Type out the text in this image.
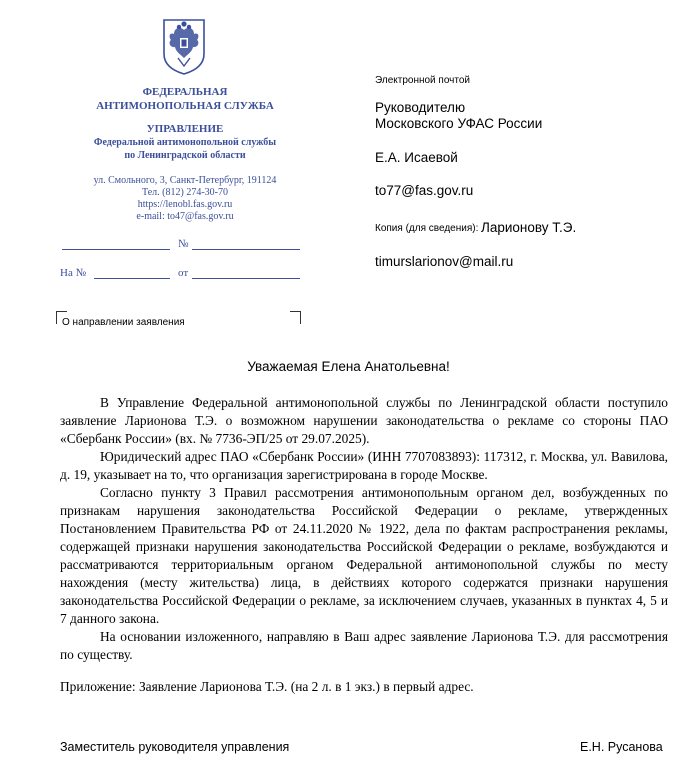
ФЕДЕРАЛЬНАЯ
АНТИМОНОПОЛЬНАЯ СЛУЖБА
УПРАВЛЕНИЕ
Федеральной антимонопольной службы
по Ленинградской области
ул. Смольного, 3, Санкт-Петербург, 191124
Тел. (812) 274-30-70
https://lenobl.fas.gov.ru
e-mail: to47@fas.gov.ru
№
На №	от
О направлении заявления
Электронной почтой
Руководителю
Московского УФАС России
Е.А. Исаевой
to77@fas.gov.ru
Копия (для сведения): Ларионову Т.Э.
timurslarionov@mail.ru
Уважаемая Елена Анатольевна!

В Управление Федеральной антимонопольной службы по Ленинградской области поступило заявление Ларионова Т.Э. о возможном нарушении законодательства о рекламе со стороны ПАО «Сбербанк России» (вх. № 7736-ЭП/25 от 29.07.2025).

Юридический адрес ПАО «Сбербанк России» (ИНН 7707083893): 117312, г. Москва, ул. Вавилова, д. 19, указывает на то, что организация зарегистрирована в городе Москве.

Согласно пункту 3 Правил рассмотрения антимонопольным органом дел, возбужденных по признакам нарушения законодательства Российской Федерации о рекламе, утвержденных Постановлением Правительства РФ от 24.11.2020 № 1922, дела по фактам распространения рекламы, содержащей признаки нарушения законодательства Российской Федерации о рекламе, возбуждаются и рассматриваются территориальным органом Федеральной антимонопольной службы по месту нахождения (месту жительства) лица, в действиях которого содержатся признаки нарушения законодательства Российской Федерации о рекламе, за исключением случаев, указанных в пунктах 4, 5 и 7 данного закона.

На основании изложенного, направляю в Ваш адрес заявление Ларионова Т.Э. для рассмотрения по существу.

Приложение: Заявление Ларионова Т.Э. (на 2 л. в 1 экз.) в первый адрес.
Заместитель руководителя управления	Е.Н. Русанова
